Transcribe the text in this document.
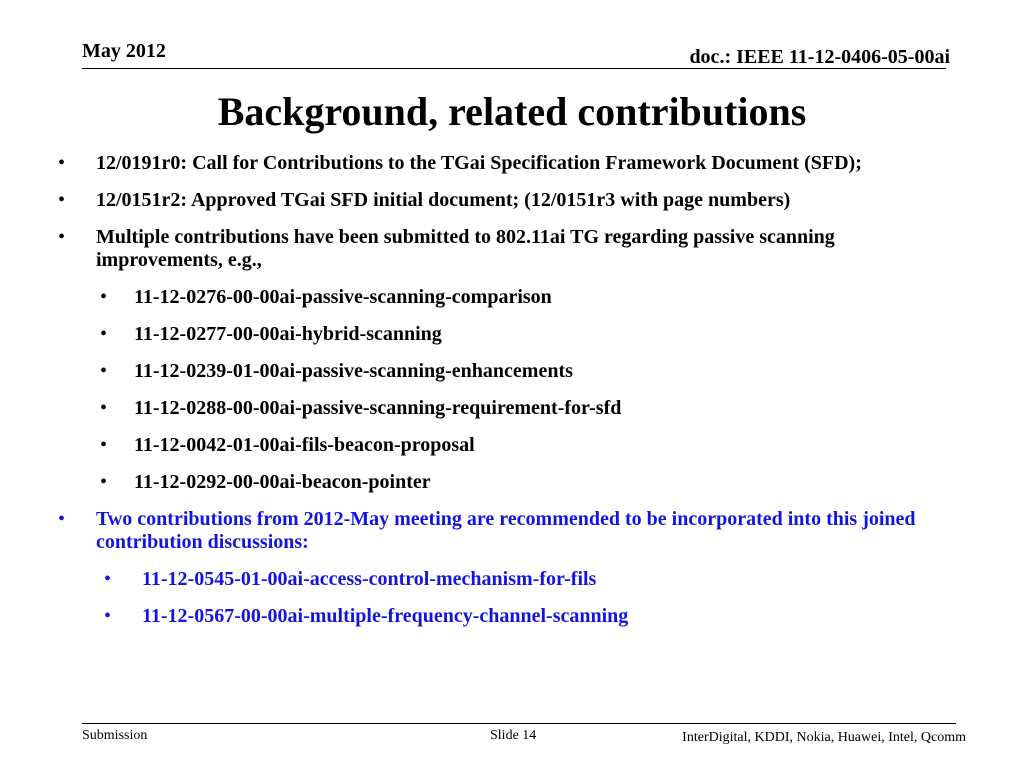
May 2012	doc.: IEEE 11-12-0406-05-00ai
Background, related contributions
• 12/0191r0: Call for Contributions to the TGai Specification Framework Document (SFD);
• 12/0151r2: Approved TGai SFD initial document; (12/0151r3 with page numbers)
• Multiple contributions have been submitted to 802.11ai TG regarding passive scanning improvements, e.g.,
• 11-12-0276-00-00ai-passive-scanning-comparison
• 11-12-0277-00-00ai-hybrid-scanning
• 11-12-0239-01-00ai-passive-scanning-enhancements
• 11-12-0288-00-00ai-passive-scanning-requirement-for-sfd
• 11-12-0042-01-00ai-fils-beacon-proposal
• 11-12-0292-00-00ai-beacon-pointer
• Two contributions from 2012-May meeting are recommended to be incorporated into this joined contribution discussions:
• 11-12-0545-01-00ai-access-control-mechanism-for-fils
• 11-12-0567-00-00ai-multiple-frequency-channel-scanning
Submission	Slide 14	InterDigital, KDDI, Nokia, Huawei, Intel, Qcomm
